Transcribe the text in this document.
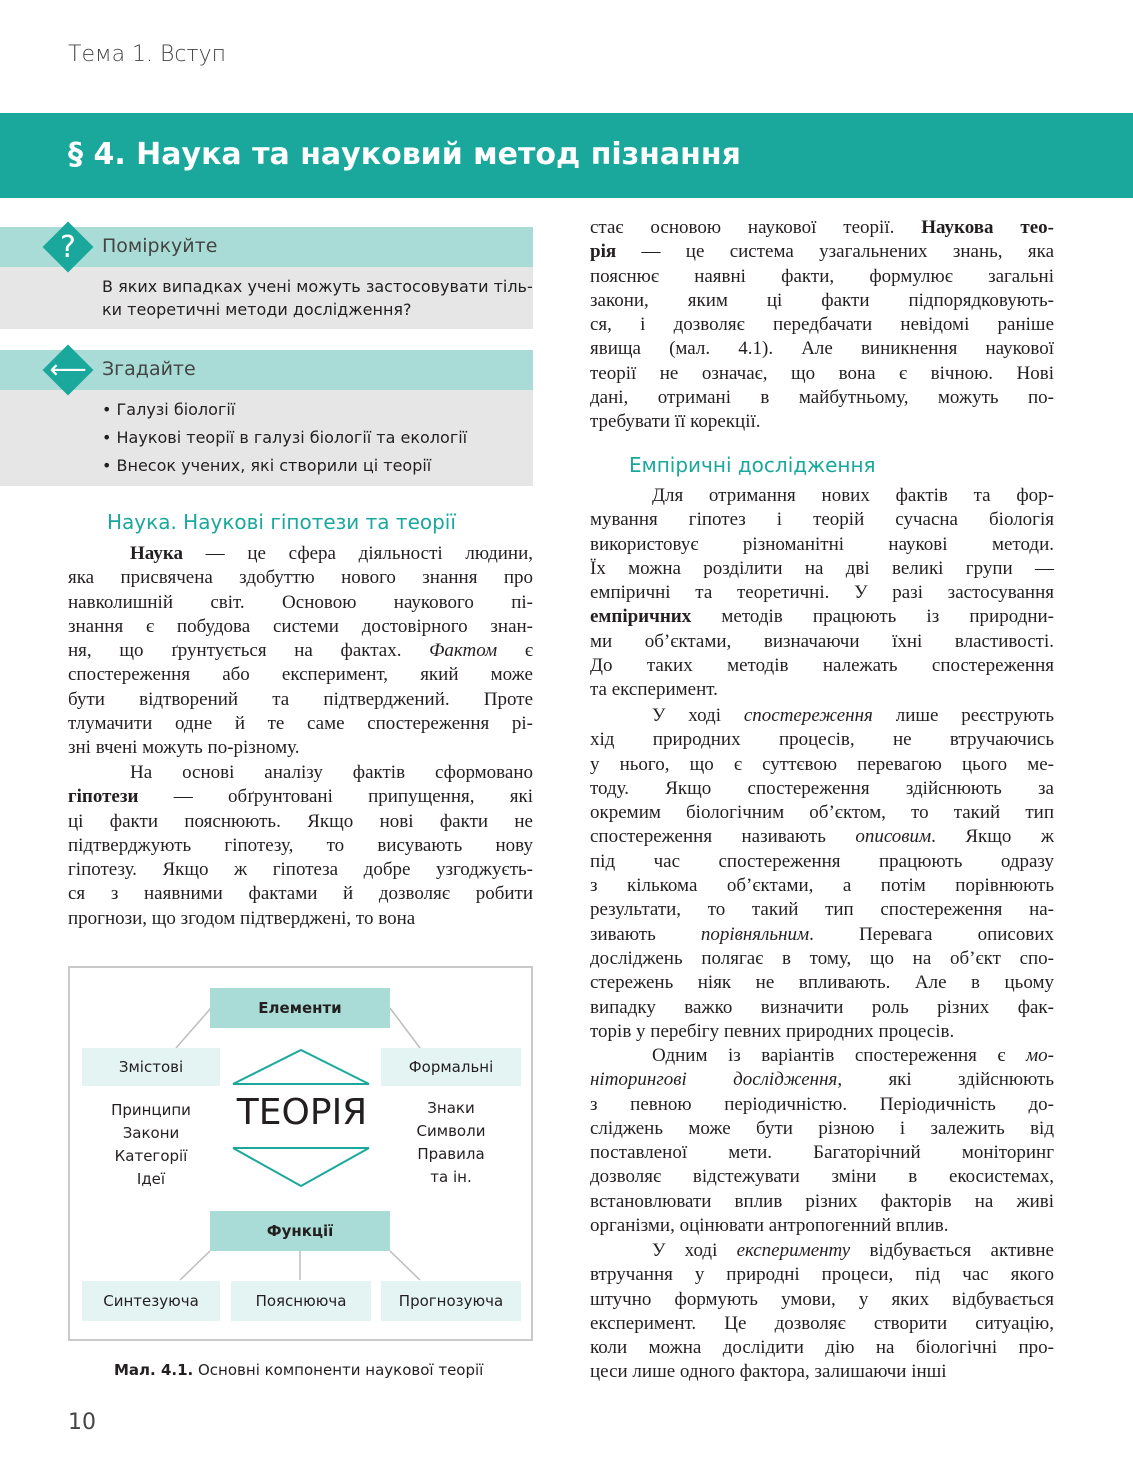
Тема 1. Вступ
§ 4. Наука та науковий метод пізнання
?	Поміркуйте
В яких випадках учені можуть застосовувати тіль-
ки теоретичні методи дослідження?
⟵ Згадайте
• Галузі біології
• Наукові теорії в галузі біології та екології
• Внесок учених, які створили ці теорії
Наука. Наукові гіпотези та теорії
Наука — це сфера діяльності людини,
яка присвячена здобуттю нового знання про
навколишній світ. Основою наукового пі-
знання є побудова системи достовірного знан-
ня, що ґрунтується на фактах. Фактом є
спостереження або експеримент, який може
бути відтворений та підтверджений. Проте
тлумачити одне й те саме спостереження рі-
зні вчені можуть по-різному.
На основі аналізу фактів сформовано
гіпотези — обґрунтовані припущення, які
ці факти пояснюють. Якщо нові факти не
підтверджують гіпотезу, то висувають нову
гіпотезу. Якщо ж гіпотеза добре узгоджуєть-
ся з наявними фактами й дозволяє робити
прогнози, що згодом підтверджені, то вона
Елементи
Змістові	Формальні
Принципи
Закони
Категорії
Ідеї
ТЕОРІЯ	Знаки
Символи
Правила
та ін.
Функції
Синтезуюча	Пояснююча	Прогнозуюча
Мал. 4.1. Основні компоненти наукової теорії
стає основою наукової теорії. Наукова тео-
рія — це система узагальнених знань, яка
пояснює наявні факти, формулює загальні
закони, яким ці факти підпорядковують-
ся, і дозволяє передбачати невідомі раніше
явища (мал. 4.1). Але виникнення наукової
теорії не означає, що вона є вічною. Нові
дані, отримані в майбутньому, можуть по-
требувати її корекції.
Емпіричні дослідження
Для отримання нових фактів та фор-
мування гіпотез і теорій сучасна біологія
використовує різноманітні наукові методи.
Їх можна розділити на дві великі групи —
емпіричні та теоретичні. У разі застосування
емпіричних методів працюють із природни-
ми об’єктами, визначаючи їхні властивості.
До таких методів належать спостереження
та експеримент.
У ході спостереження лише реєструють
хід природних процесів, не втручаючись
у нього, що є суттєвою перевагою цього ме-
тоду. Якщо спостереження здійснюють за
окремим біологічним об’єктом, то такий тип
спостереження називають описовим. Якщо ж
під час спостереження працюють одразу
з кількома об’єктами, а потім порівнюють
результати, то такий тип спостереження на-
зивають порівняльним. Перевага описових
досліджень полягає в тому, що на об’єкт спо-
стережень ніяк не впливають. Але в цьому
випадку важко визначити роль різних фак-
торів у перебігу певних природних процесів.
Одним із варіантів спостереження є мо-
ніторингові дослідження, які здійснюють
з певною періодичністю. Періодичність до-
сліджень може бути різною і залежить від
поставленої мети. Багаторічний моніторинг
дозволяє відстежувати зміни в екосистемах,
встановлювати вплив різних факторів на живі
організми, оцінювати антропогенний вплив.
У ході експерименту відбувається активне
втручання у природні процеси, під час якого
штучно формують умови, у яких відбувається
експеримент. Це дозволяє створити ситуацію,
коли можна дослідити дію на біологічні про-
цеси лише одного фактора, залишаючи інші
10
